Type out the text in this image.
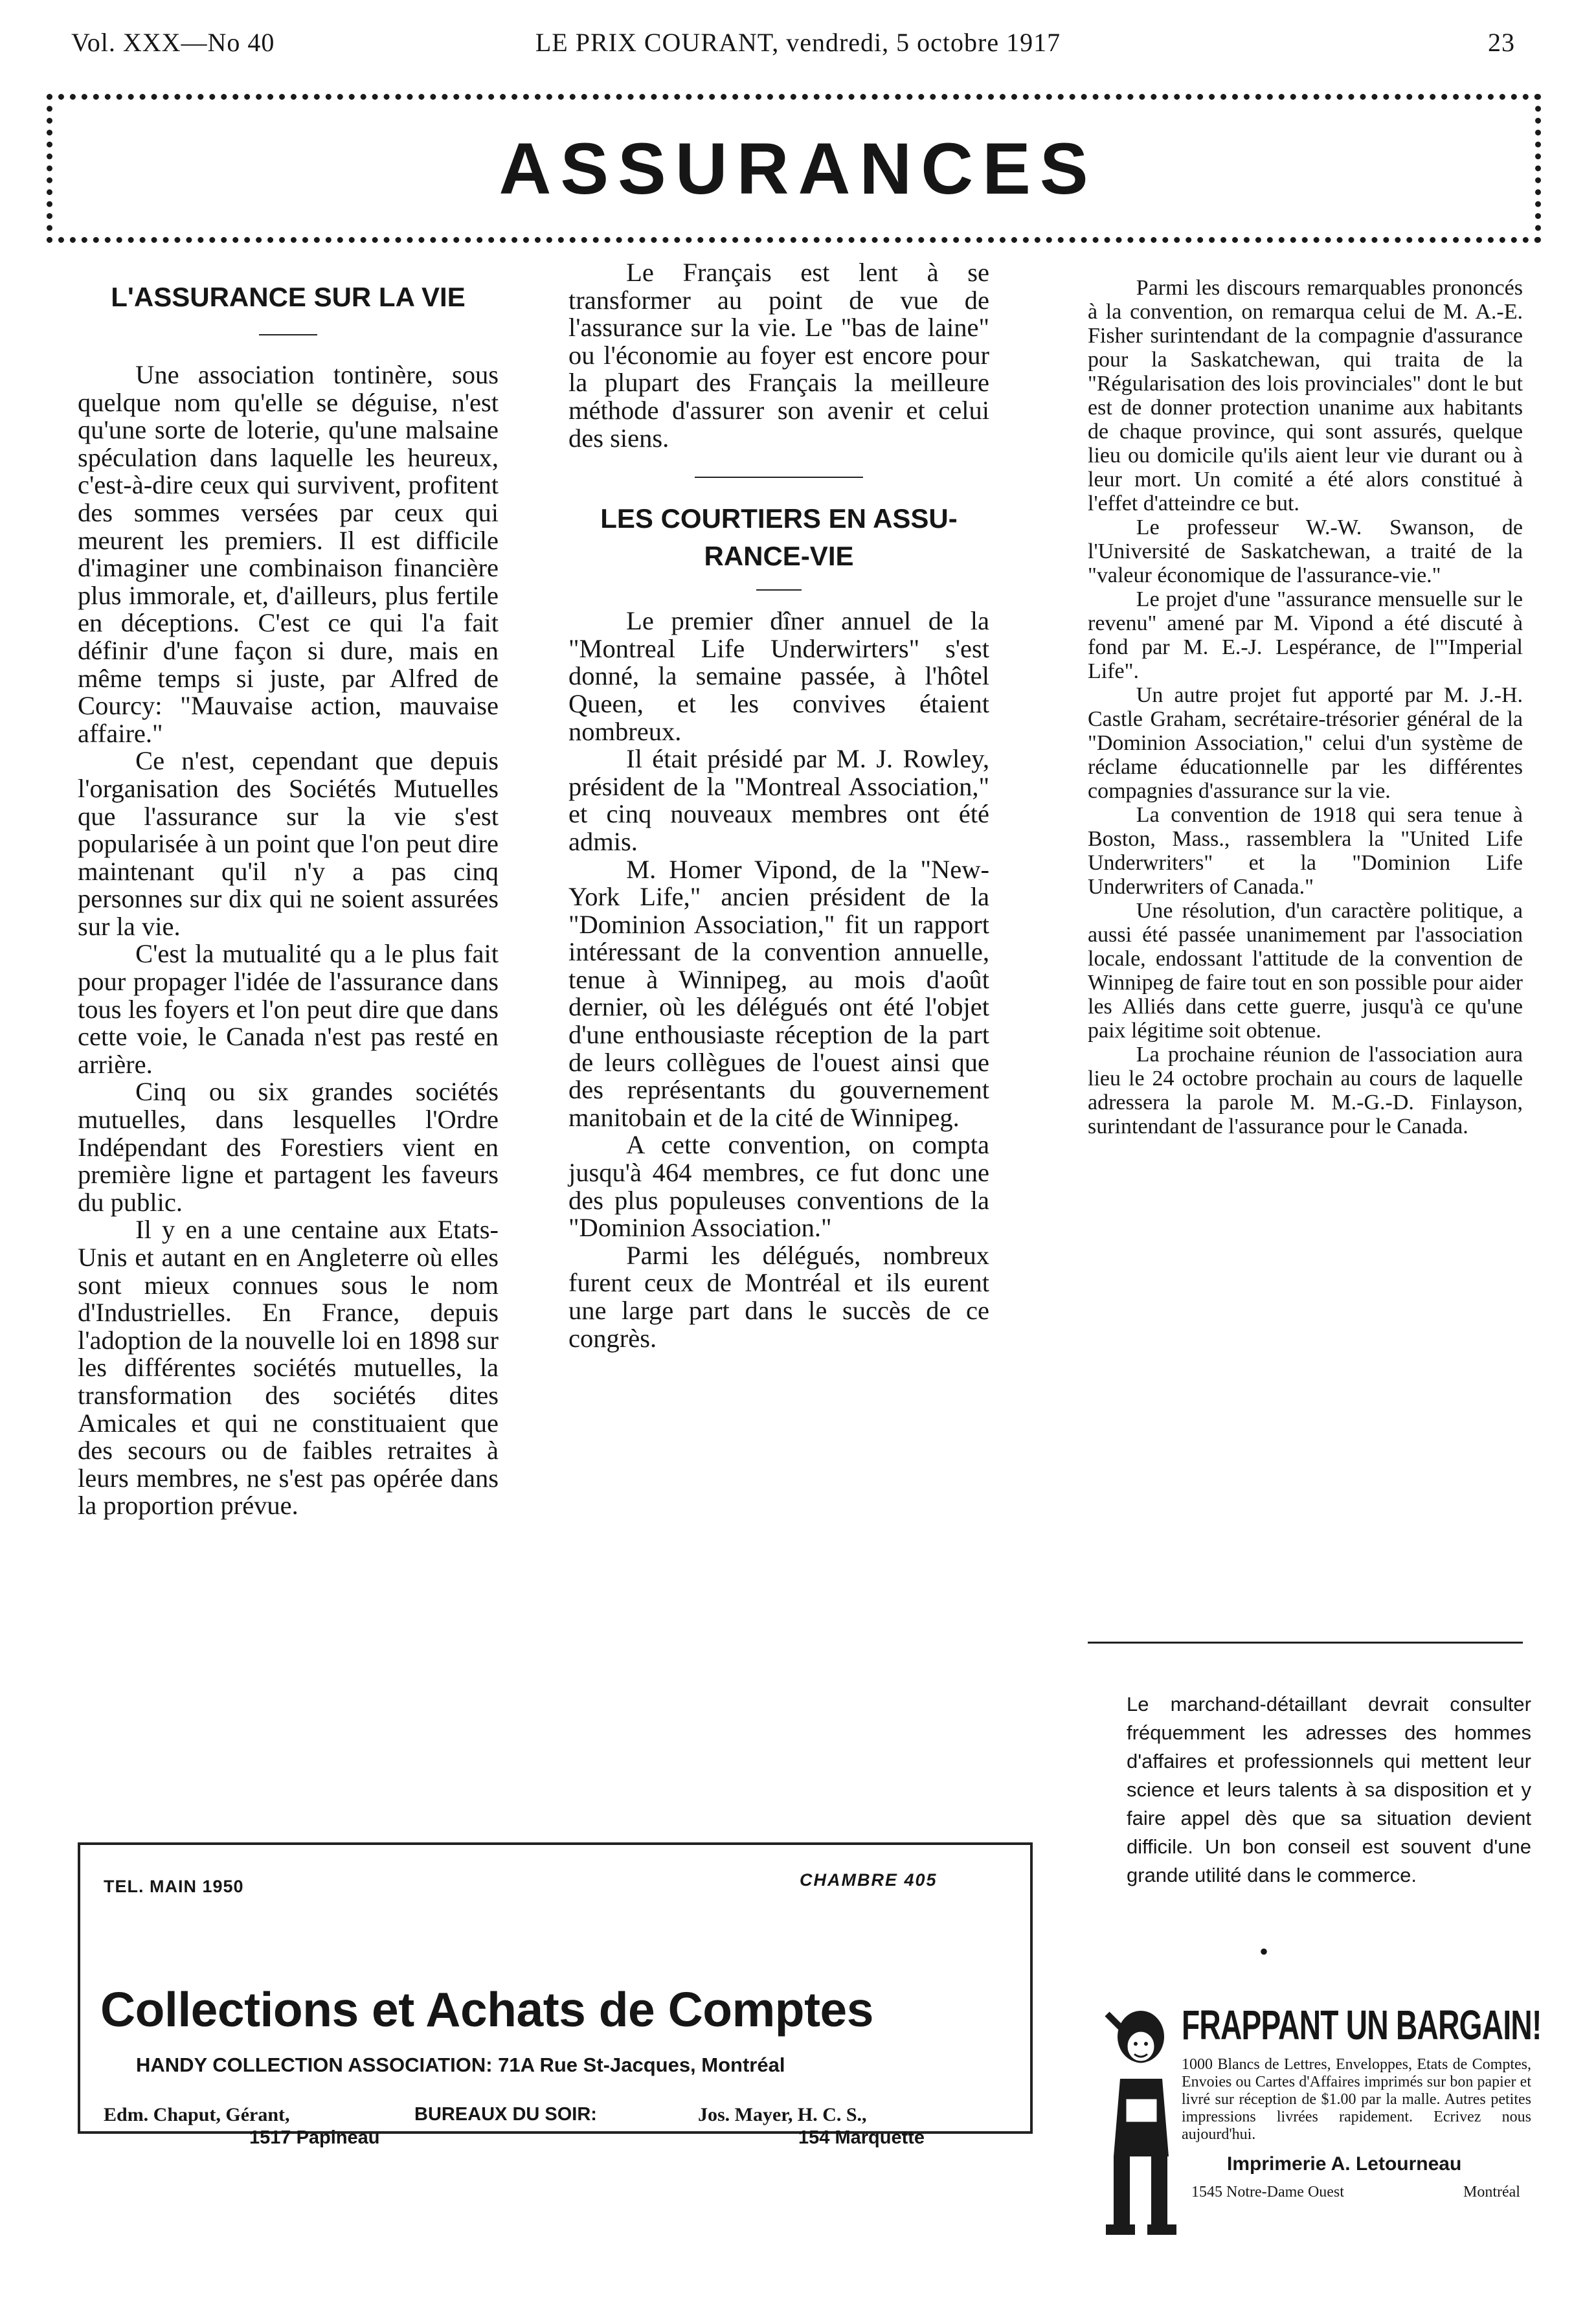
Vol. XXX—No 40	LE PRIX COURANT, vendredi, 5 octobre 1917	23
ASSURANCES
L'ASSURANCE SUR LA VIE

Une association tontinère, sous quelque nom qu'elle se déguise, n'est qu'une sorte de loterie, qu'une malsaine spéculation dans laquelle les heureux, c'est-à-dire ceux qui survivent, profitent des sommes versées par ceux qui meurent les premiers. Il est difficile d'imaginer une combinaison financière plus immorale, et, d'ailleurs, plus fertile en déceptions. C'est ce qui l'a fait définir d'une façon si dure, mais en même temps si juste, par Alfred de Courcy: "Mauvaise action, mauvaise affaire."

Ce n'est, cependant que depuis l'organisation des Sociétés Mutuelles que l'assurance sur la vie s'est popularisée à un point que l'on peut dire maintenant qu'il n'y a pas cinq personnes sur dix qui ne soient assurées sur la vie.

C'est la mutualité qu a le plus fait pour propager l'idée de l'assurance dans tous les foyers et l'on peut dire que dans cette voie, le Canada n'est pas resté en arrière.

Cinq ou six grandes sociétés mutuelles, dans lesquelles l'Ordre Indépendant des Forestiers vient en première ligne et partagent les faveurs du public.

Il y en a une centaine aux Etats-Unis et autant en en Angleterre où elles sont mieux connues sous le nom d'Industrielles. En France, depuis l'adoption de la nouvelle loi en 1898 sur les différentes sociétés mutuelles, la transformation des sociétés dites Amicales et qui ne constituaient que des secours ou de faibles retraites à leurs membres, ne s'est pas opérée dans la proportion prévue.

Le Français est lent à se transformer au point de vue de l'assurance sur la vie. Le "bas de laine" ou l'économie au foyer est encore pour la plupart des Français la meilleure méthode d'assurer son avenir et celui des siens.

LES COURTIERS EN ASSU-
RANCE-VIE

Le premier dîner annuel de la "Montreal Life Underwirters" s'est donné, la semaine passée, à l'hôtel Queen, et les convives étaient nombreux.

Il était présidé par M. J. Rowley, président de la "Montreal Association," et cinq nouveaux membres ont été admis.

M. Homer Vipond, de la "New-York Life," ancien président de la "Dominion Association," fit un rapport intéressant de la convention annuelle, tenue à Winnipeg, au mois d'août dernier, où les délégués ont été l'objet d'une enthousiaste réception de la part de leurs collègues de l'ouest ainsi que des représentants du gouvernement manitobain et de la cité de Winnipeg.

A cette convention, on compta jusqu'à 464 membres, ce fut donc une des plus populeuses conventions de la "Dominion Association."

Parmi les délégués, nombreux furent ceux de Montréal et ils eurent une large part dans le succès de ce congrès.

Parmi les discours remarquables prononcés à la convention, on remarqua celui de M. A.-E. Fisher surintendant de la compagnie d'assurance pour la Saskatchewan, qui traita de la "Régularisation des lois provinciales" dont le but est de donner protection unanime aux habitants de chaque province, qui sont assurés, quelque lieu ou domicile qu'ils aient leur vie durant ou à leur mort. Un comité a été alors constitué à l'effet d'atteindre ce but.

Le professeur W.-W. Swanson, de l'Université de Saskatchewan, a traité de la "valeur économique de l'assurance-vie."

Le projet d'une "assurance mensuelle sur le revenu" amené par M. Vipond a été discuté à fond par M. E.-J. Lespérance, de l'"Imperial Life".

Un autre projet fut apporté par M. J.-H. Castle Graham, secrétaire-trésorier général de la "Dominion Association," celui d'un système de réclame éducationnelle par les différentes compagnies d'assurance sur la vie.

La convention de 1918 qui sera tenue à Boston, Mass., rassemblera la "United Life Underwriters" et la "Dominion Life Underwriters of Canada."

Une résolution, d'un caractère politique, a aussi été passée unanimement par l'association locale, endossant l'attitude de la convention de Winnipeg de faire tout en son possible pour aider les Alliés dans cette guerre, jusqu'à ce qu'une paix légitime soit obtenue.

La prochaine réunion de l'association aura lieu le 24 octobre prochain au cours de laquelle adressera la parole M. M.-G.-D. Finlayson, surintendant de l'assurance pour le Canada.

Le marchand-détaillant devrait consulter fréquemment les adresses des hommes d'affaires et professionnels qui mettent leur science et leurs talents à sa disposition et y faire appel dès que sa situation devient difficile. Un bon conseil est souvent d'une grande utilité dans le commerce.
•
TEL. MAIN 1950	CHAMBRE 405
Collections et Achats de Comptes
HANDY COLLECTION ASSOCIATION: 71A Rue St-Jacques, Montréal
Edm. Chaput, Gérant,	BUREAUX DU SOIR:	Jos. Mayer, H. C. S.,
1517 Papineau	154 Marquette
FRAPPANT UN BARGAIN!
1000 Blancs de Lettres, Enveloppes, Etats de Comptes, Envoies ou Cartes d'Affaires imprimés sur bon papier et livré sur réception de $1.00 par la malle. Autres petites impressions livrées rapidement. Ecrivez nous aujourd'hui.
Imprimerie A. Letourneau
1545 Notre-Dame Ouest	Montréal
